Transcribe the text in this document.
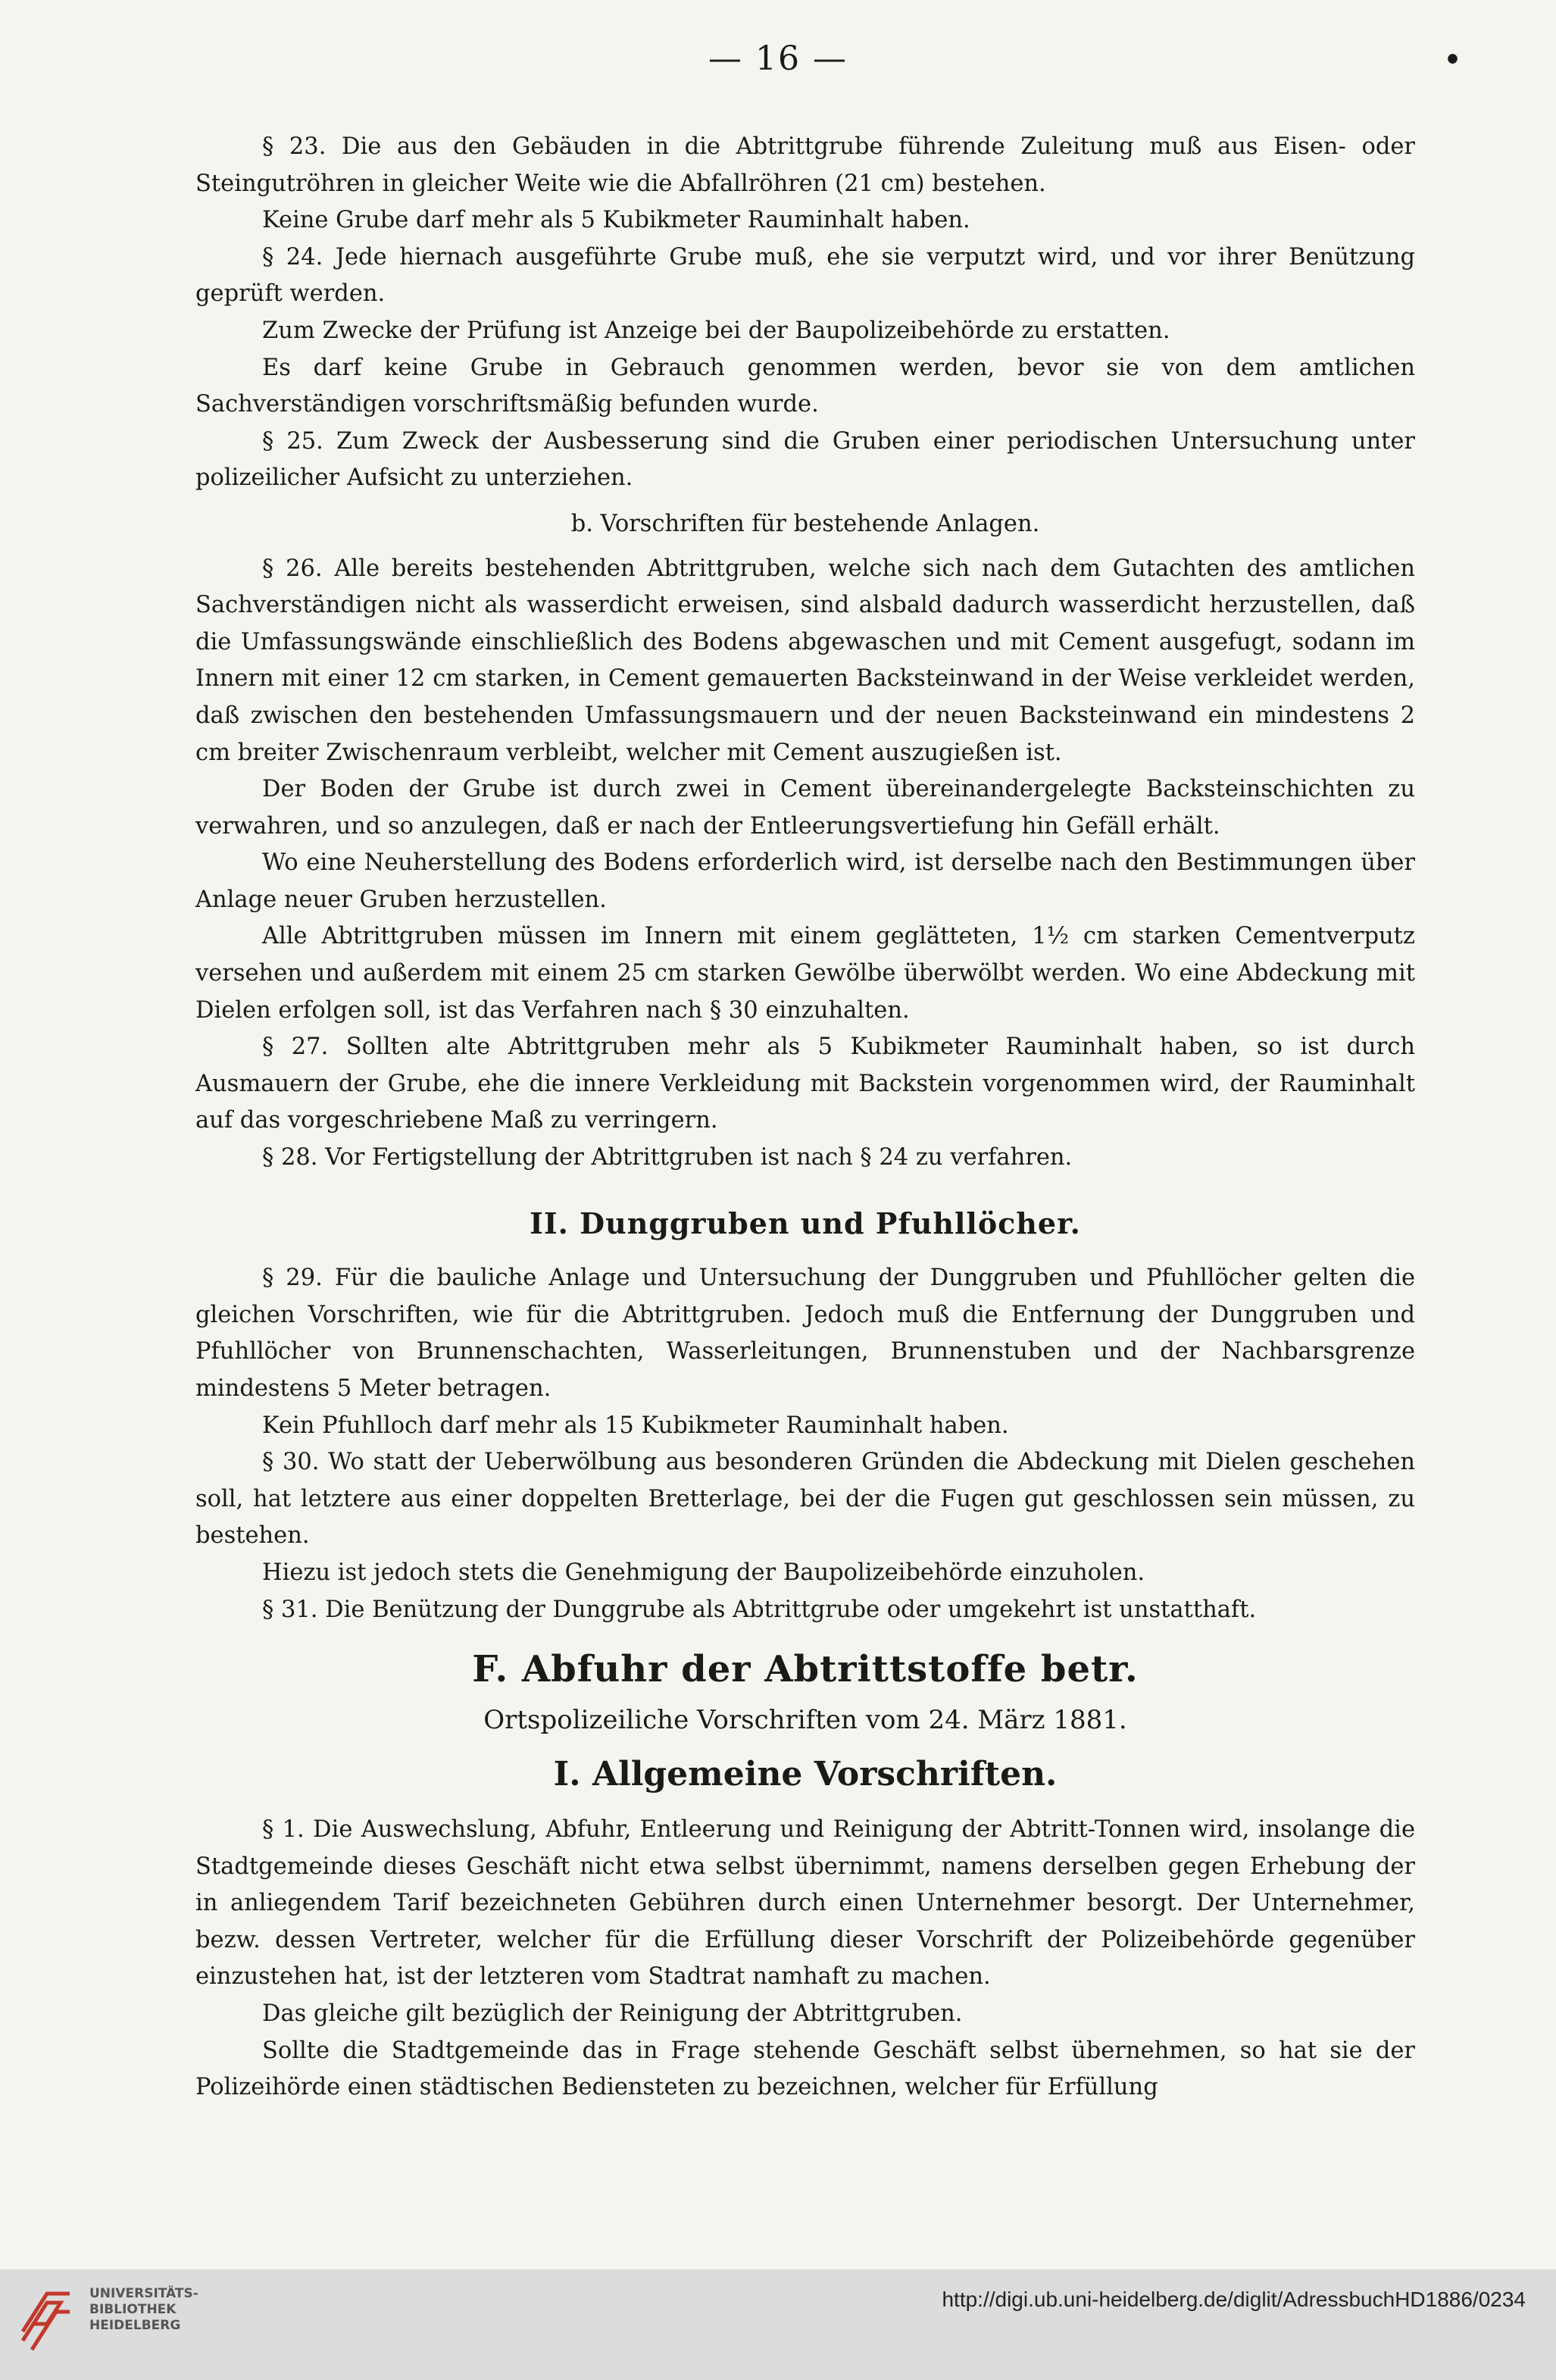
— 16 —	•

§ 23. Die aus den Gebäuden in die Abtrittgrube führende Zuleitung muß aus Eisen- oder Steingutröhren in gleicher Weite wie die Abfallröhren (21 cm) bestehen.

Keine Grube darf mehr als 5 Kubikmeter Rauminhalt haben.

§ 24. Jede hiernach ausgeführte Grube muß, ehe sie verputzt wird, und vor ihrer Benützung geprüft werden.

Zum Zwecke der Prüfung ist Anzeige bei der Baupolizeibehörde zu erstatten.

Es darf keine Grube in Gebrauch genommen werden, bevor sie von dem amtlichen Sachverständigen vorschriftsmäßig befunden wurde.

§ 25. Zum Zweck der Ausbesserung sind die Gruben einer periodischen Untersuchung unter polizeilicher Aufsicht zu unterziehen.

b. Vorschriften für bestehende Anlagen.

§ 26. Alle bereits bestehenden Abtrittgruben, welche sich nach dem Gutachten des amtlichen Sachverständigen nicht als wasserdicht erweisen, sind alsbald dadurch wasserdicht herzustellen, daß die Umfassungswände einschließlich des Bodens abgewaschen und mit Cement ausgefugt, sodann im Innern mit einer 12 cm starken, in Cement gemauerten Backsteinwand in der Weise verkleidet werden, daß zwischen den bestehenden Umfassungsmauern und der neuen Backsteinwand ein mindestens 2 cm breiter Zwischenraum verbleibt, welcher mit Cement auszugießen ist.

Der Boden der Grube ist durch zwei in Cement übereinandergelegte Backsteinschichten zu verwahren, und so anzulegen, daß er nach der Entleerungsvertiefung hin Gefäll erhält.

Wo eine Neuherstellung des Bodens erforderlich wird, ist derselbe nach den Bestimmungen über Anlage neuer Gruben herzustellen.

Alle Abtrittgruben müssen im Innern mit einem geglätteten, 1½ cm starken Cementverputz versehen und außerdem mit einem 25 cm starken Gewölbe überwölbt werden. Wo eine Abdeckung mit Dielen erfolgen soll, ist das Verfahren nach § 30 einzuhalten.

§ 27. Sollten alte Abtrittgruben mehr als 5 Kubikmeter Rauminhalt haben, so ist durch Ausmauern der Grube, ehe die innere Verkleidung mit Backstein vorgenommen wird, der Rauminhalt auf das vorgeschriebene Maß zu verringern.

§ 28. Vor Fertigstellung der Abtrittgruben ist nach § 24 zu verfahren.

II. Dunggruben und Pfuhllöcher.

§ 29. Für die bauliche Anlage und Untersuchung der Dunggruben und Pfuhllöcher gelten die gleichen Vorschriften, wie für die Abtrittgruben. Jedoch muß die Entfernung der Dunggruben und Pfuhllöcher von Brunnenschachten, Wasserleitungen, Brunnenstuben und der Nachbarsgrenze mindestens 5 Meter betragen.

Kein Pfuhlloch darf mehr als 15 Kubikmeter Rauminhalt haben.

§ 30. Wo statt der Ueberwölbung aus besonderen Gründen die Abdeckung mit Dielen geschehen soll, hat letztere aus einer doppelten Bretterlage, bei der die Fugen gut geschlossen sein müssen, zu bestehen.

Hiezu ist jedoch stets die Genehmigung der Baupolizeibehörde einzuholen.

§ 31. Die Benützung der Dunggrube als Abtrittgrube oder umgekehrt ist unstatthaft.

F. Abfuhr der Abtrittstoffe betr.

Ortspolizeiliche Vorschriften vom 24. März 1881.

I. Allgemeine Vorschriften.

§ 1. Die Auswechslung, Abfuhr, Entleerung und Reinigung der Abtritt-Tonnen wird, insolange die Stadtgemeinde dieses Geschäft nicht etwa selbst übernimmt, namens derselben gegen Erhebung der in anliegendem Tarif bezeichneten Gebühren durch einen Unternehmer besorgt. Der Unternehmer, bezw. dessen Vertreter, welcher für die Erfüllung dieser Vorschrift der Polizeibehörde gegenüber einzustehen hat, ist der letzteren vom Stadtrat namhaft zu machen.

Das gleiche gilt bezüglich der Reinigung der Abtrittgruben.

Sollte die Stadtgemeinde das in Frage stehende Geschäft selbst übernehmen, so hat sie der Polizeihörde einen städtischen Bediensteten zu bezeichnen, welcher für Erfüllung

UNIVERSITÄTS-
BIBLIOTHEK
HEIDELBERG
http://digi.ub.uni-heidelberg.de/diglit/AdressbuchHD1886/0234
